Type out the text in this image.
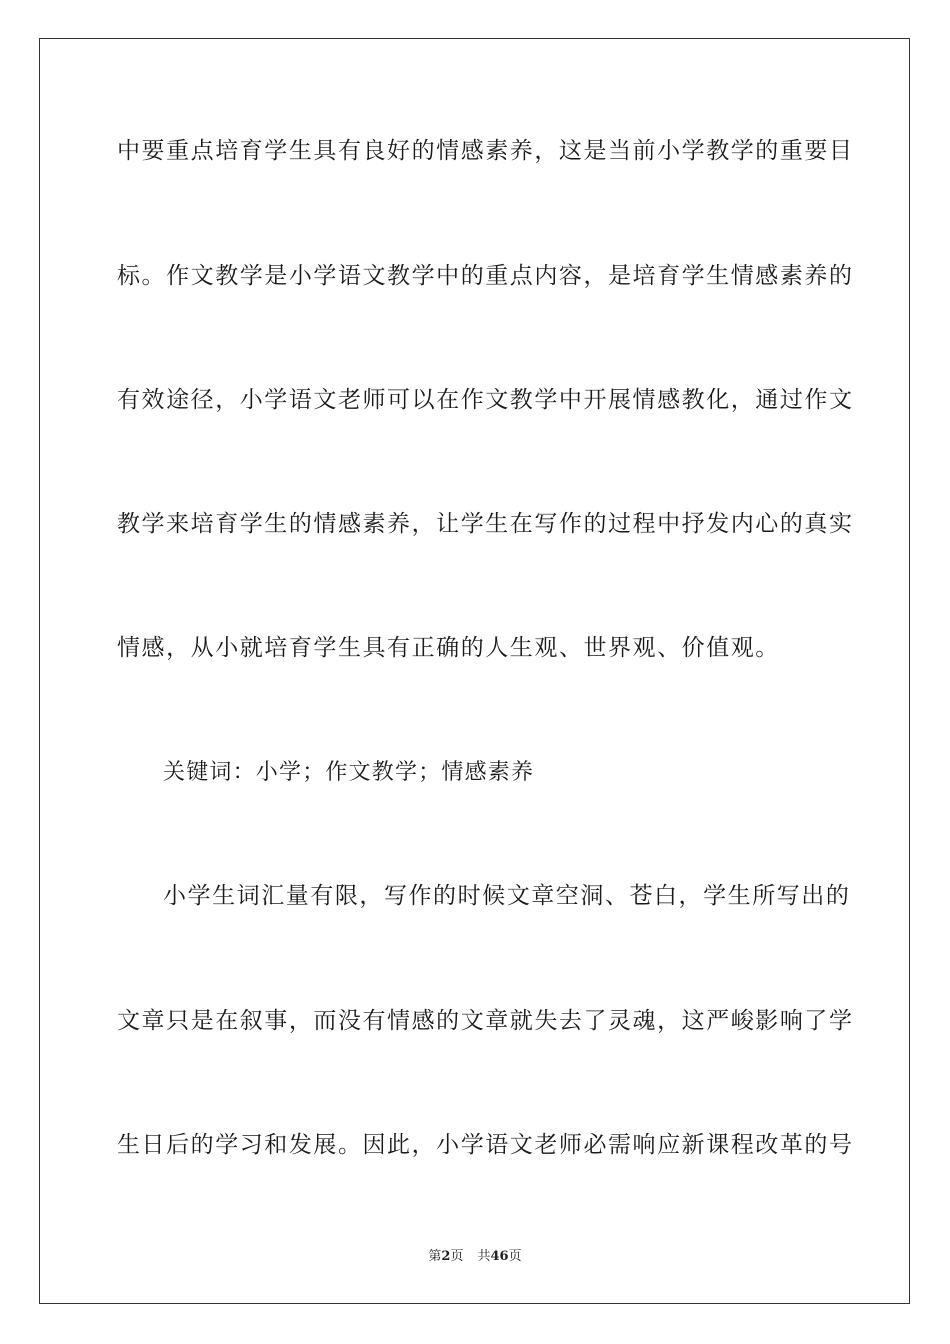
中要重点培育学生具有良好的情感素养，这是当前小学教学的重要目
标。作文教学是小学语文教学中的重点内容，是培育学生情感素养的
有效途径，小学语文老师可以在作文教学中开展情感教化，通过作文
教学来培育学生的情感素养，让学生在写作的过程中抒发内心的真实
情感，从小就培育学生具有正确的人生观、世界观、价值观。
关键词：小学；作文教学；情感素养
小学生词汇量有限，写作的时候文章空洞、苍白，学生所写出的
文章只是在叙事，而没有情感的文章就失去了灵魂，这严峻影响了学
生日后的学习和发展。因此，小学语文老师必需响应新课程改革的号
第2页 共46页
